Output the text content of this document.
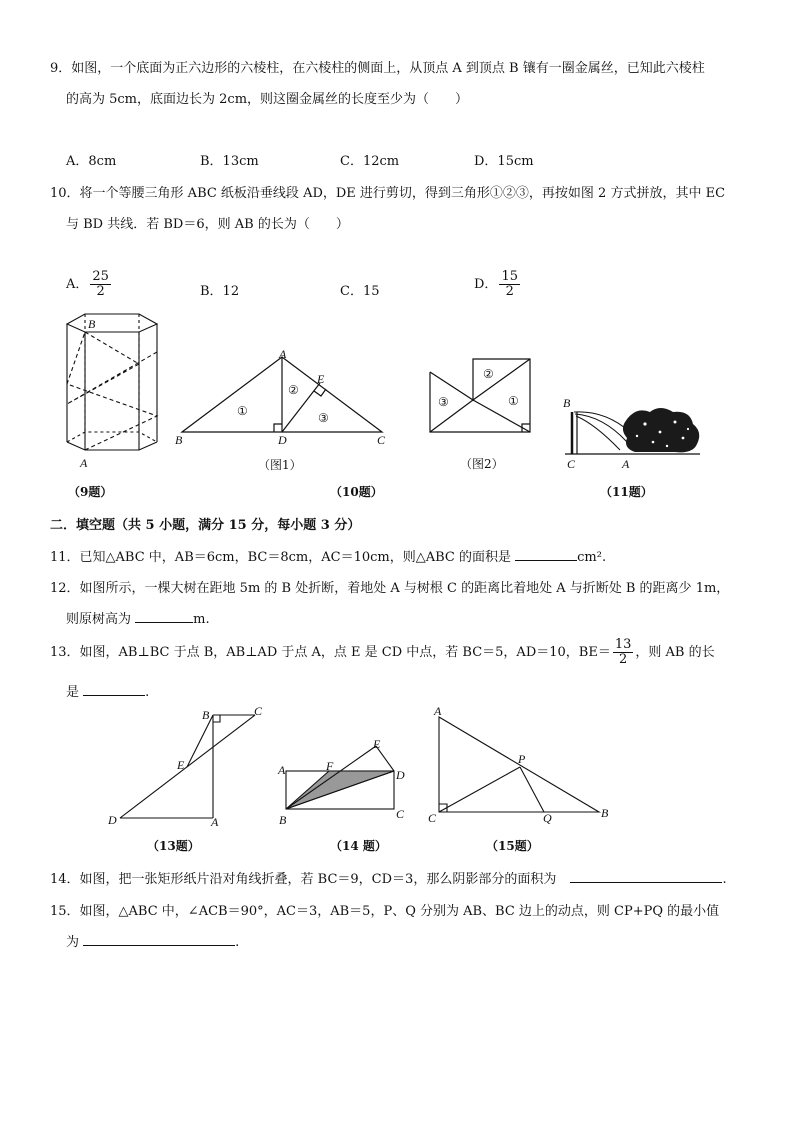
9．如图，一个底面为正六边形的六棱柱，在六棱柱的侧面上，从顶点 A 到顶点 B 镶有一圈金属丝，已知此六棱柱
的高为 5cm，底面边长为 2cm，则这圈金属丝的长度至少为（　　）
A．8cm	B．13cm	C．12cm	D．15cm
10．将一个等腰三角形 ABC 纸板沿垂线段 AD，DE 进行剪切，得到三角形①②③，再按如图 2 方式拼放，其中 EC
与 BD 共线．若 BD＝6，则 AB 的长为（　　）
A． $\frac{25}{2}$	B．12	C．15	D． $\frac{15}{2}$
B
A
A
E
B	D	C
①
②
③
（图1）
②
③	①
（图2）
B
C	A
（9题）	（10题）	（11题）
二．填空题（共 5 小题，满分 15 分，每小题 3 分）
11．已知△ABC 中，AB＝6cm，BC＝8cm，AC＝10cm，则△ABC 的面积是	cm².
12．如图所示，一棵大树在距地 5m 的 B 处折断，着地处 A 与树根 C 的距离比着地处 A 与折断处 B 的距离少 1m，
则原树高为	m.
13．如图，AB⊥BC 于点 B，AB⊥AD 于点 A，点 E 是 CD 中点，若 BC＝5，AD＝10，$BE= \frac{13}{2}$ ，则 AB 的长
是	.
B	C
E
D	A
E
A	F
D
B	C
A
P
C	Q	B
（13题）	（14 题）	（15题）
14．如图，把一张矩形纸片沿对角线折叠，若 BC＝9，CD＝3，那么阴影部分的面积为	.
15．如图，△ABC 中，∠ACB＝90°，AC＝3，AB＝5，P、Q 分别为 AB、BC 边上的动点，则 CP+PQ 的最小值
为	.
